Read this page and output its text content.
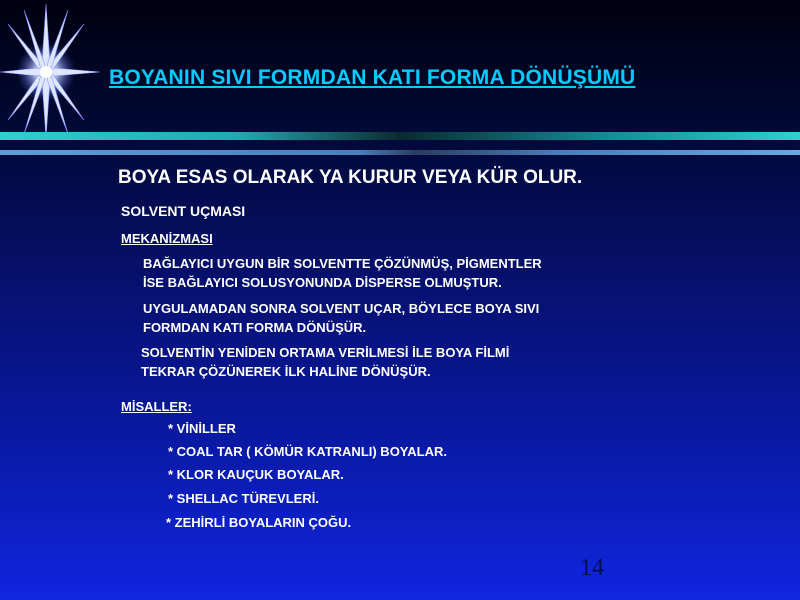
BOYANIN SIVI FORMDAN KATI FORMA DÖNÜŞÜMÜ

BOYA ESAS OLARAK YA KURUR VEYA KÜR OLUR.

SOLVENT UÇMASI

MEKANİZMASI

BAĞLAYICI UYGUN BİR SOLVENTTE ÇÖZÜNMÜŞ, PİGMENTLER
İSE BAĞLAYICI SOLUSYONUNDA DİSPERSE OLMUŞTUR.
UYGULAMADAN SONRA SOLVENT UÇAR, BÖYLECE BOYA SIVI
FORMDAN KATI FORMA DÖNÜŞÜR.
SOLVENTİN YENİDEN ORTAMA VERİLMESİ İLE BOYA FİLMİ
TEKRAR ÇÖZÜNEREK İLK HALİNE DÖNÜŞÜR.

MİSALLER:

* VİNİLLER

* COAL TAR ( KÖMÜR KATRANLI) BOYALAR.

* KLOR KAUÇUK BOYALAR.

* SHELLAC TÜREVLERİ.

* ZEHİRLİ BOYALARIN ÇOĞU.

14
